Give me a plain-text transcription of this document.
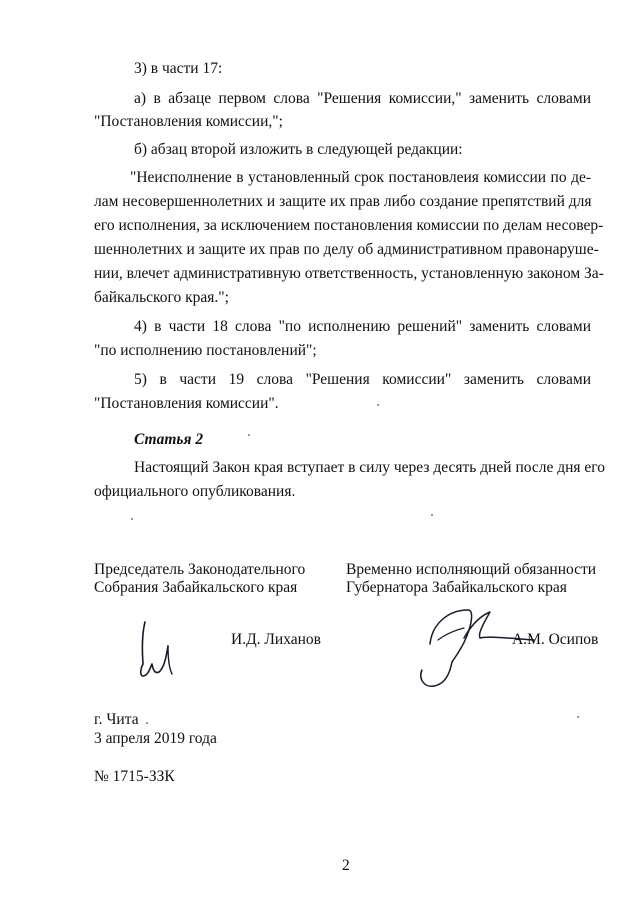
3) в части 17:
а) в абзаце первом слова "Решения комиссии," заменить словами
"Постановления комиссии,";
б) абзац второй изложить в следующей редакции:
"Неисполнение в установленный срок постановлеия комиссии по де-
лам несовершеннолетних и защите их прав либо создание препятствий для
его исполнения, за исключением постановления комиссии по делам несовер-
шеннолетних и защите их прав по делу об административном правонаруше-
нии, влечет административную ответственность, установленную законом За-
байкальского края.";
4) в части 18 слова "по исполнению решений" заменить словами
"по исполнению постановлений";
5) в части 19 слова "Решения комиссии" заменить словами
"Постановления комиссии".
Статья 2
Настоящий Закон края вступает в силу через десять дней после дня его
официального опубликования.
Председатель Законодательного
Собрания Забайкальского края
Временно исполняющий обязанности
Губернатора Забайкальского края
И.Д. Лиханов	А.М. Осипов
г. Чита
3 апреля 2019 года
№ 1715-ЗЗК
2
